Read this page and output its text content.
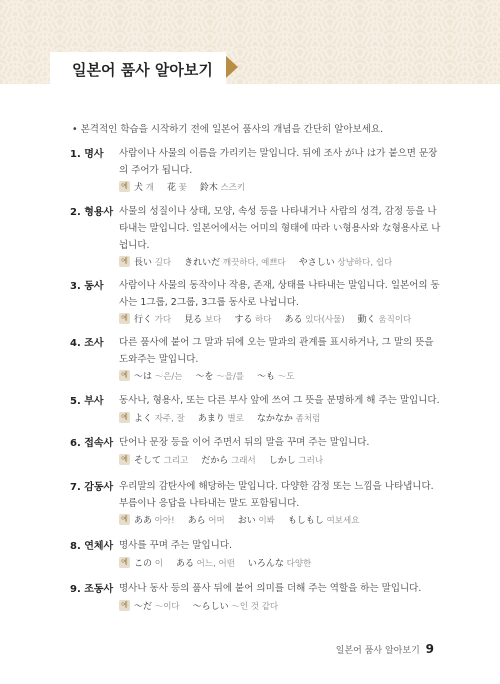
일본어 품사 알아보기
• 본격적인 학습을 시작하기 전에 일본어 품사의 개념을 간단히 알아보세요.
1. 명사 사람이나 사물의 이름을 가리키는 말입니다. 뒤에 조사 が나 は가 붙으면 문장의 주어가 됩니다.
예 犬 개 花 꽃 鈴木 스즈키
2. 형용사 사물의 성질이나 상태, 모양, 속성 등을 나타내거나 사람의 성격, 감정 등을 나타내는 말입니다. 일본어에서는 어미의 형태에 따라 い형용사와 な형용사로 나뉩니다.
예 長い 길다 きれいだ 깨끗하다, 예쁘다 やさしい 상냥하다, 쉽다
3. 동사 사람이나 사물의 동작이나 작용, 존재, 상태를 나타내는 말입니다. 일본어의 동사는 1그룹, 2그룹, 3그룹 동사로 나뉩니다.
예 行く 가다 見る 보다 する 하다 ある 있다(사물) 動く 움직이다
4. 조사 다른 품사에 붙어 그 말과 뒤에 오는 말과의 관계를 표시하거나, 그 말의 뜻을 도와주는 말입니다.
예 〜は 〜은/는 〜を 〜을/를 〜も 〜도
5. 부사 동사나, 형용사, 또는 다른 부사 앞에 쓰여 그 뜻을 분명하게 해 주는 말입니다.
예 よく 자주, 잘 あまり 별로 なかなか 좀처럼
6. 접속사 단어나 문장 등을 이어 주면서 뒤의 말을 꾸며 주는 말입니다.
예 そして 그리고 だから 그래서 しかし 그러나
7. 감동사 우리말의 감탄사에 해당하는 말입니다. 다양한 감정 또는 느낌을 나타냅니다. 부름이나 응답을 나타내는 말도 포함됩니다.
예 ああ 아아! あら 어머 おい 이봐 もしもし 여보세요
8. 연체사 명사를 꾸며 주는 말입니다.
예 この 이 ある 어느, 어떤 いろんな 다양한
9. 조동사 명사나 동사 등의 품사 뒤에 붙어 의미를 더해 주는 역할을 하는 말입니다.
예 〜だ 〜이다 〜らしい 〜인 것 같다
일본어 품사 알아보기 9
